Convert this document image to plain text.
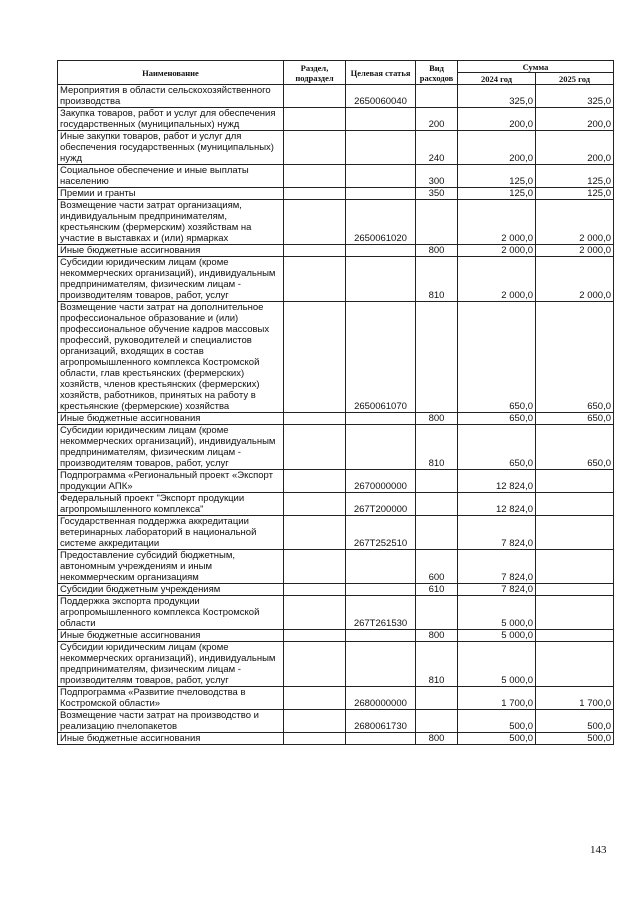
Наименование	Раздел, подраздел	Целевая статья	Вид расходов	Сумма	
				2024 год	2025 год
Мероприятия в области сельскохозяйственного производства		2650060040		325,0	325,0
Закупка товаров, работ и услуг для обеспечения государственных (муниципальных) нужд			200	200,0	200,0
Иные закупки товаров, работ и услуг для обеспечения государственных (муниципальных) нужд			240	200,0	200,0
Социальное обеспечение и иные выплаты населению			300	125,0	125,0
Премии и гранты			350	125,0	125,0
Возмещение части затрат организациям, индивидуальным предпринимателям, крестьянским (фермерским) хозяйствам на участие в выставках и (или) ярмарках		2650061020		2 000,0	2 000,0
Иные бюджетные ассигнования			800	2 000,0	2 000,0
Субсидии юридическим лицам (кроме некоммерческих организаций), индивидуальным предпринимателям, физическим лицам - производителям товаров, работ, услуг			810	2 000,0	2 000,0
Возмещение части затрат на дополнительное профессиональное образование и (или) профессиональное обучение кадров массовых профессий, руководителей и специалистов организаций, входящих в состав агропромышленного комплекса Костромской области, глав крестьянских (фермерских) хозяйств, членов крестьянских (фермерских) хозяйств, работников, принятых на работу в крестьянские (фермерские) хозяйства		2650061070		650,0	650,0
Иные бюджетные ассигнования			800	650,0	650,0
Субсидии юридическим лицам (кроме некоммерческих организаций), индивидуальным предпринимателям, физическим лицам - производителям товаров, работ, услуг			810	650,0	650,0
Подпрограмма «Региональный проект «Экспорт продукции АПК»		2670000000		12 824,0	
Федеральный проект "Экспорт продукции агропромышленного комплекса"		267T200000		12 824,0	
Государственная поддержка аккредитации ветеринарных лабораторий в национальной системе аккредитации		267T252510		7 824,0	
Предоставление субсидий бюджетным, автономным учреждениям и иным некоммерческим организациям			600	7 824,0	
Субсидии бюджетным учреждениям			610	7 824,0	
Поддержка экспорта продукции агропромышленного комплекса Костромской области		267T261530		5 000,0	
Иные бюджетные ассигнования			800	5 000,0	
Субсидии юридическим лицам (кроме некоммерческих организаций), индивидуальным предпринимателям, физическим лицам - производителям товаров, работ, услуг			810	5 000,0	
Подпрограмма «Развитие пчеловодства в Костромской области»		2680000000		1 700,0	1 700,0
Возмещение части затрат на производство и реализацию пчелопакетов		2680061730		500,0	500,0
Иные бюджетные ассигнования			800	500,0	500,0
143
